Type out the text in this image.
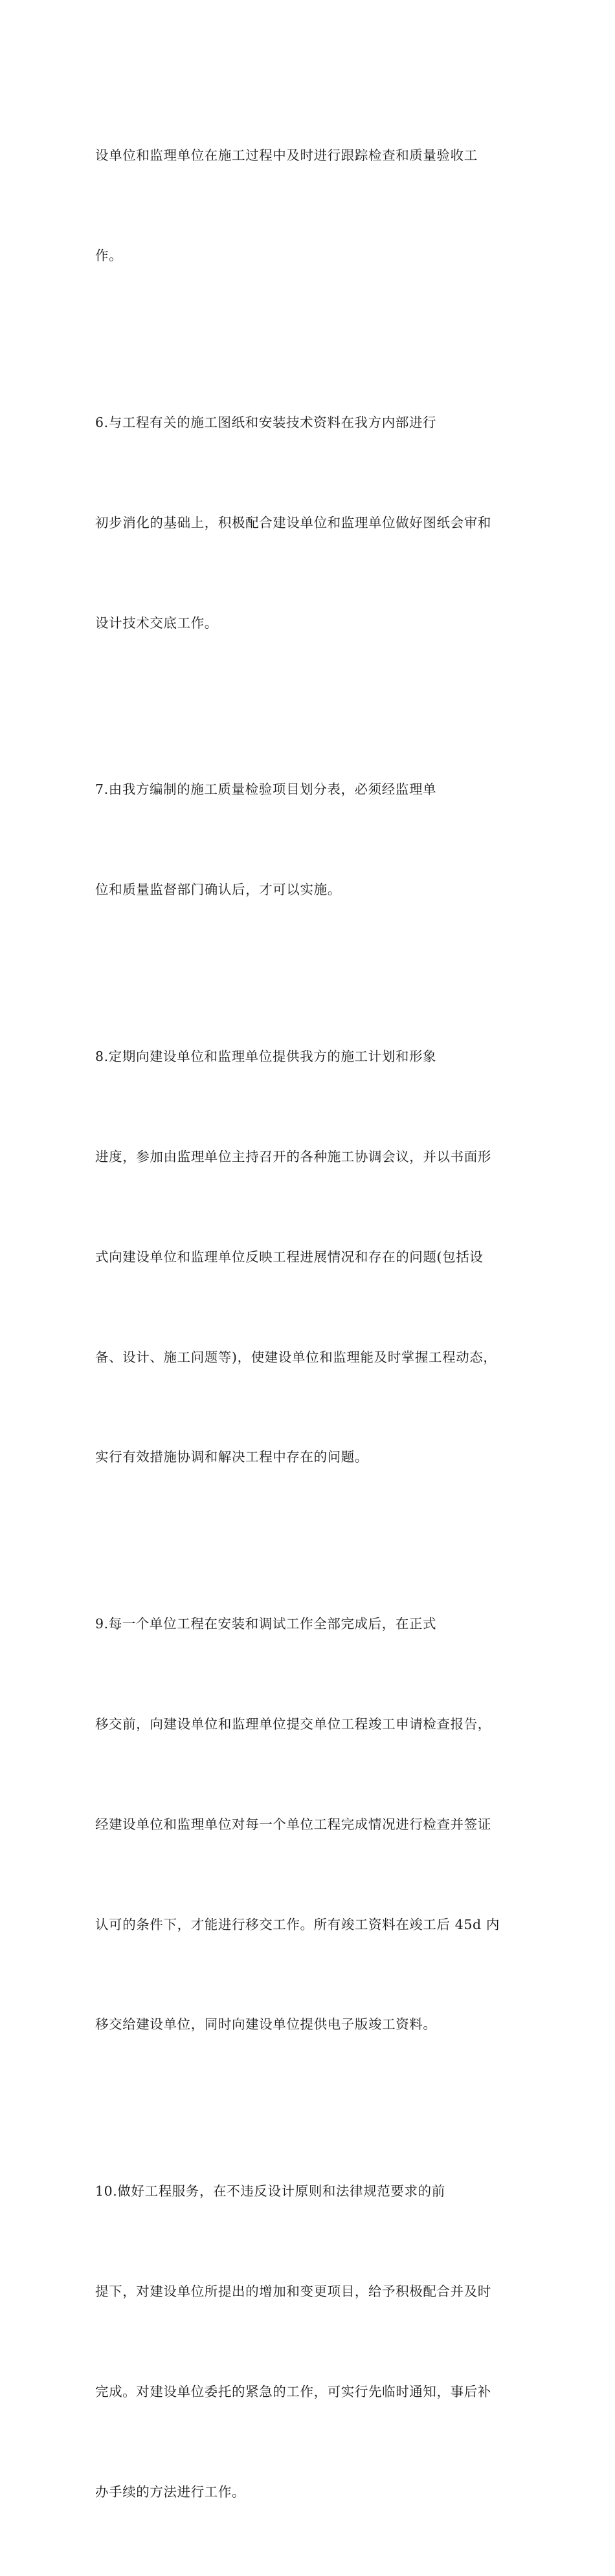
设单位和监理单位在施工过程中及时进行跟踪检查和质量验收工

作。

6.与工程有关的施工图纸和安装技术资料在我方内部进行

初步消化的基础上，积极配合建设单位和监理单位做好图纸会审和

设计技术交底工作。

7.由我方编制的施工质量检验项目划分表，必须经监理单

位和质量监督部门确认后，才可以实施。

8.定期向建设单位和监理单位提供我方的施工计划和形象

进度，参加由监理单位主持召开的各种施工协调会议，并以书面形

式向建设单位和监理单位反映工程进展情况和存在的问题(包括设

备、设计、施工问题等)，使建设单位和监理能及时掌握工程动态，

实行有效措施协调和解决工程中存在的问题。

9.每一个单位工程在安装和调试工作全部完成后，在正式

移交前，向建设单位和监理单位提交单位工程竣工申请检查报告，

经建设单位和监理单位对每一个单位工程完成情况进行检查并签证

认可的条件下，才能进行移交工作。所有竣工资料在竣工后 45d 内

移交给建设单位，同时向建设单位提供电子版竣工资料。

10.做好工程服务，在不违反设计原则和法律规范要求的前

提下，对建设单位所提出的增加和变更项目，给予积极配合并及时

完成。对建设单位委托的紧急的工作，可实行先临时通知，事后补

办手续的方法进行工作。
